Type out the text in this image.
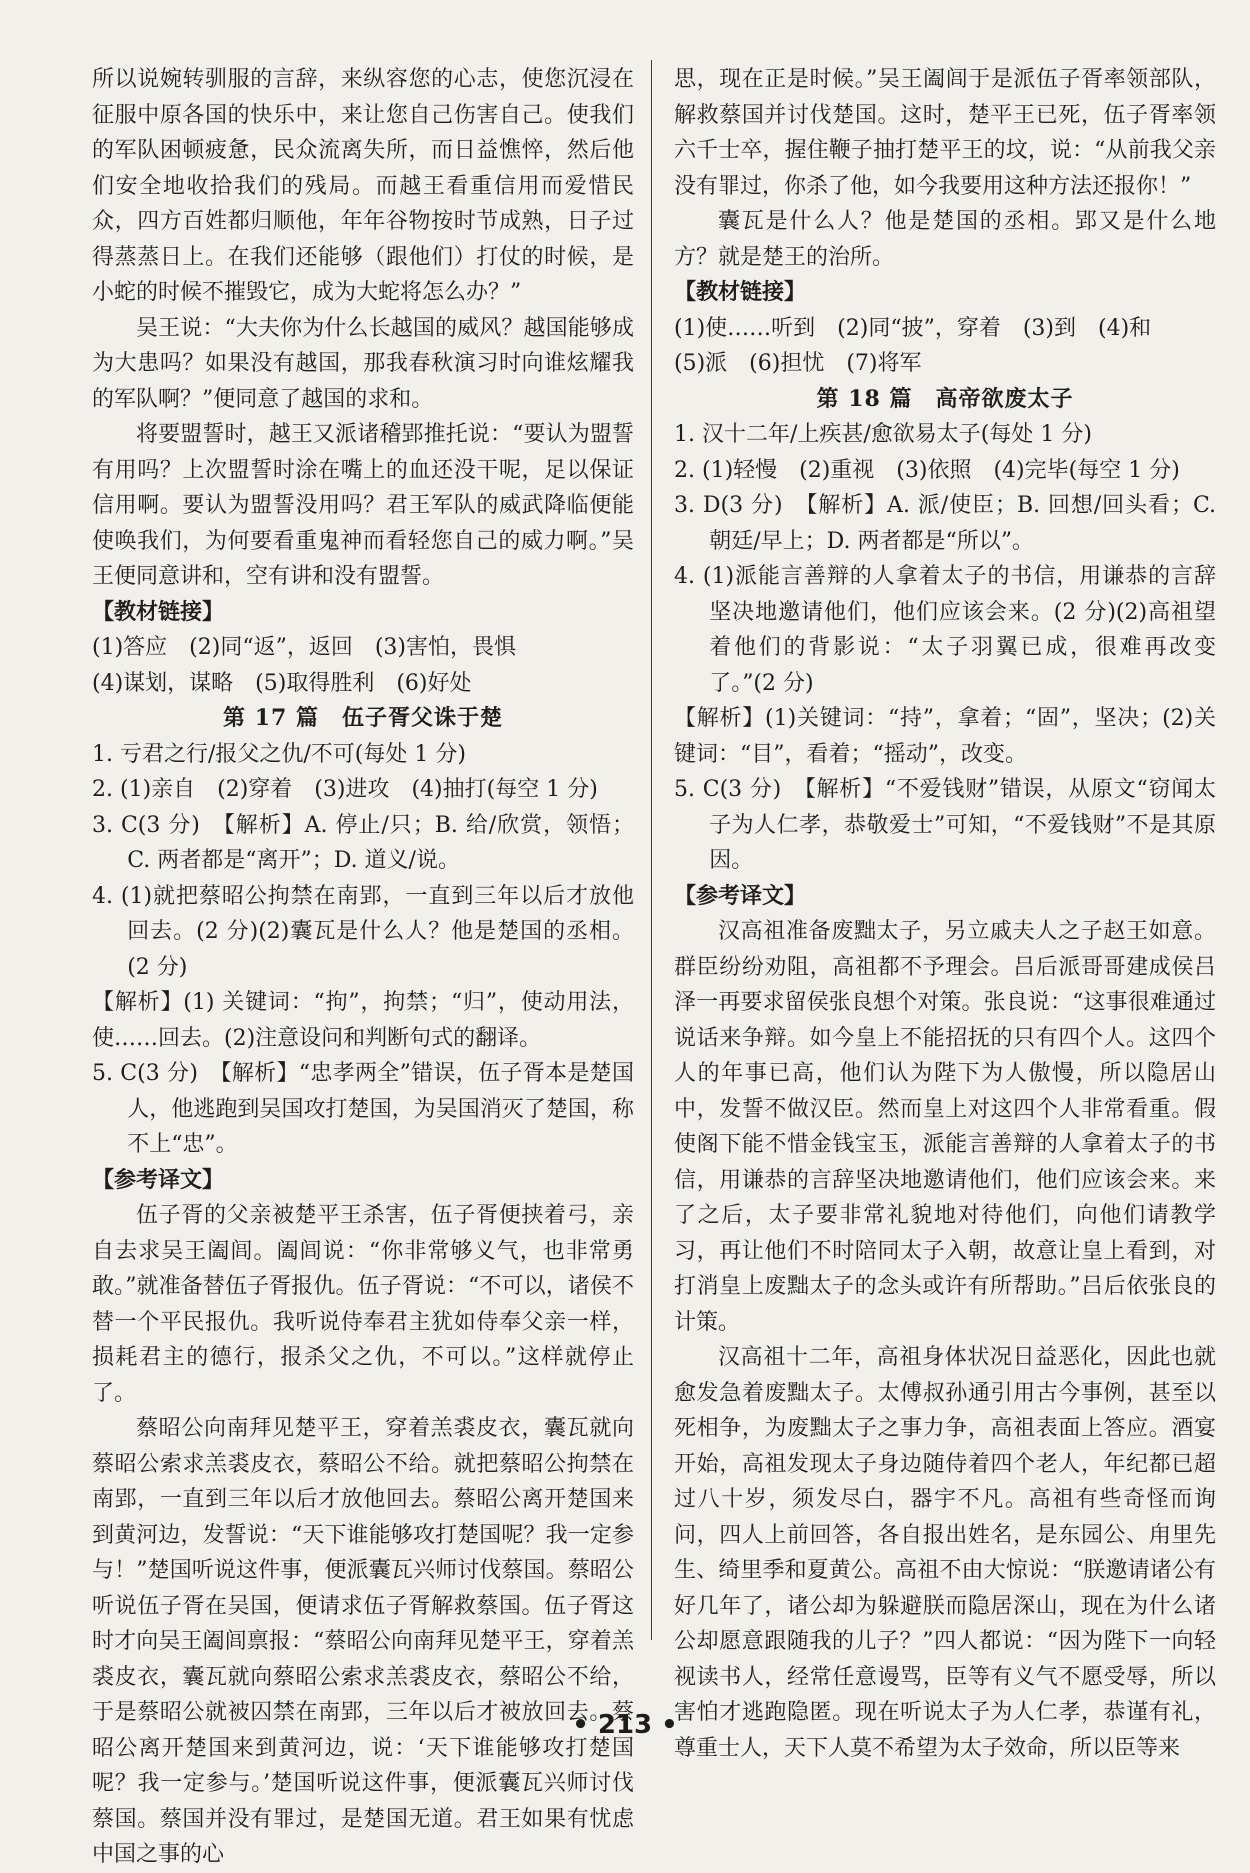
所以说婉转驯服的言辞，来纵容您的心志，使您沉浸在征服中原各国的快乐中，来让您自己伤害自己。使我们的军队困顿疲惫，民众流离失所，而日益憔悴，然后他们安全地收拾我们的残局。而越王看重信用而爱惜民众，四方百姓都归顺他，年年谷物按时节成熟，日子过得蒸蒸日上。在我们还能够（跟他们）打仗的时候，是小蛇的时候不摧毁它，成为大蛇将怎么办？”

吴王说：“大夫你为什么长越国的威风？越国能够成为大患吗？如果没有越国，那我春秋演习时向谁炫耀我的军队啊？”便同意了越国的求和。

将要盟誓时，越王又派诸稽郢推托说：“要认为盟誓有用吗？上次盟誓时涂在嘴上的血还没干呢，足以保证信用啊。要认为盟誓没用吗？君王军队的威武降临便能使唤我们，为何要看重鬼神而看轻您自己的威力啊。”吴王便同意讲和，空有讲和没有盟誓。

【教材链接】

(1)答应　(2)同“返”，返回　(3)害怕，畏惧

(4)谋划，谋略　(5)取得胜利　(6)好处

第 17 篇　伍子胥父诛于楚

1. 亏君之行/报父之仇/不可(每处 1 分)

2. (1)亲自　(2)穿着　(3)进攻　(4)抽打(每空 1 分)

3. C(3 分)　【解析】A. 停止/只；B. 给/欣赏，领悟；C. 两者都是“离开”；D. 道义/说。

4. (1)就把蔡昭公拘禁在南郢，一直到三年以后才放他回去。(2 分)(2)囊瓦是什么人？他是楚国的丞相。(2 分)

【解析】(1) 关键词：“拘”，拘禁；“归”，使动用法，使……回去。(2)注意设问和判断句式的翻译。

5. C(3 分)　【解析】“忠孝两全”错误，伍子胥本是楚国人，他逃跑到吴国攻打楚国，为吴国消灭了楚国，称不上“忠”。

【参考译文】

伍子胥的父亲被楚平王杀害，伍子胥便挟着弓，亲自去求吴王阖闾。阖闾说：“你非常够义气，也非常勇敢。”就准备替伍子胥报仇。伍子胥说：“不可以，诸侯不替一个平民报仇。我听说侍奉君主犹如侍奉父亲一样，损耗君主的德行，报杀父之仇，不可以。”这样就停止了。

蔡昭公向南拜见楚平王，穿着羔裘皮衣，囊瓦就向蔡昭公索求羔裘皮衣，蔡昭公不给。就把蔡昭公拘禁在南郢，一直到三年以后才放他回去。蔡昭公离开楚国来到黄河边，发誓说：“天下谁能够攻打楚国呢？我一定参与！”楚国听说这件事，便派囊瓦兴师讨伐蔡国。蔡昭公听说伍子胥在吴国，便请求伍子胥解救蔡国。伍子胥这时才向吴王阖闾禀报：“蔡昭公向南拜见楚平王，穿着羔裘皮衣，囊瓦就向蔡昭公索求羔裘皮衣，蔡昭公不给，于是蔡昭公就被囚禁在南郢，三年以后才被放回去。蔡昭公离开楚国来到黄河边，说：‘天下谁能够攻打楚国呢？我一定参与。’楚国听说这件事，便派囊瓦兴师讨伐蔡国。蔡国并没有罪过，是楚国无道。君王如果有忧虑中国之事的心

思，现在正是时候。”吴王阖闾于是派伍子胥率领部队，解救蔡国并讨伐楚国。这时，楚平王已死，伍子胥率领六千士卒，握住鞭子抽打楚平王的坟，说：“从前我父亲没有罪过，你杀了他，如今我要用这种方法还报你！”

囊瓦是什么人？他是楚国的丞相。郢又是什么地方？就是楚王的治所。

【教材链接】

(1)使……听到　(2)同“披”，穿着　(3)到　(4)和

(5)派　(6)担忧　(7)将军

第 18 篇　高帝欲废太子

1. 汉十二年/上疾甚/愈欲易太子(每处 1 分)

2. (1)轻慢　(2)重视　(3)依照　(4)完毕(每空 1 分)

3. D(3 分)　【解析】A. 派/使臣；B. 回想/回头看；C. 朝廷/早上；D. 两者都是“所以”。

4. (1)派能言善辩的人拿着太子的书信，用谦恭的言辞坚决地邀请他们，他们应该会来。(2 分)(2)高祖望着他们的背影说：“太子羽翼已成，很难再改变了。”(2 分)

【解析】(1)关键词：“持”，拿着；“固”，坚决；(2)关键词：“目”，看着；“摇动”，改变。

5. C(3 分)　【解析】“不爱钱财”错误，从原文“窃闻太子为人仁孝，恭敬爱士”可知，“不爱钱财”不是其原因。

【参考译文】

汉高祖准备废黜太子，另立戚夫人之子赵王如意。群臣纷纷劝阻，高祖都不予理会。吕后派哥哥建成侯吕泽一再要求留侯张良想个对策。张良说：“这事很难通过说话来争辩。如今皇上不能招抚的只有四个人。这四个人的年事已高，他们认为陛下为人傲慢，所以隐居山中，发誓不做汉臣。然而皇上对这四个人非常看重。假使阁下能不惜金钱宝玉，派能言善辩的人拿着太子的书信，用谦恭的言辞坚决地邀请他们，他们应该会来。来了之后，太子要非常礼貌地对待他们，向他们请教学习，再让他们不时陪同太子入朝，故意让皇上看到，对打消皇上废黜太子的念头或许有所帮助。”吕后依张良的计策。

汉高祖十二年，高祖身体状况日益恶化，因此也就愈发急着废黜太子。太傅叔孙通引用古今事例，甚至以死相争，为废黜太子之事力争，高祖表面上答应。酒宴开始，高祖发现太子身边随侍着四个老人，年纪都已超过八十岁，须发尽白，器宇不凡。高祖有些奇怪而询问，四人上前回答，各自报出姓名，是东园公、甪里先生、绮里季和夏黄公。高祖不由大惊说：“朕邀请诸公有好几年了，诸公却为躲避朕而隐居深山，现在为什么诸公却愿意跟随我的儿子？”四人都说：“因为陛下一向轻视读书人，经常任意谩骂，臣等有义气不愿受辱，所以害怕才逃跑隐匿。现在听说太子为人仁孝，恭谨有礼，尊重士人，天下人莫不希望为太子效命，所以臣等来

• 213 •
